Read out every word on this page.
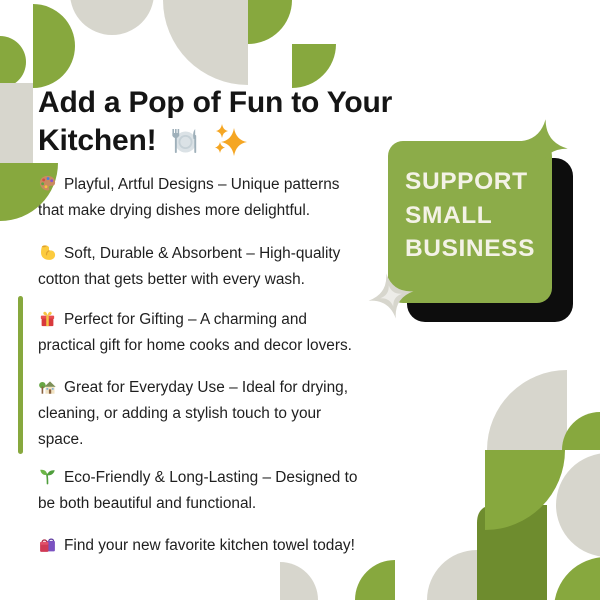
SUPPORT
SMALL
BUSINESS
Add a Pop of Fun to Your
Kitchen!
Playful, Artful Designs – Unique patterns
that make drying dishes more delightful.
Soft, Durable & Absorbent – High-quality
cotton that gets better with every wash.
Perfect for Gifting – A charming and
practical gift for home cooks and decor lovers.
Great for Everyday Use – Ideal for drying,
cleaning, or adding a stylish touch to your
space.
Eco-Friendly & Long-Lasting – Designed to
be both beautiful and functional.
Find your new favorite kitchen towel today!
